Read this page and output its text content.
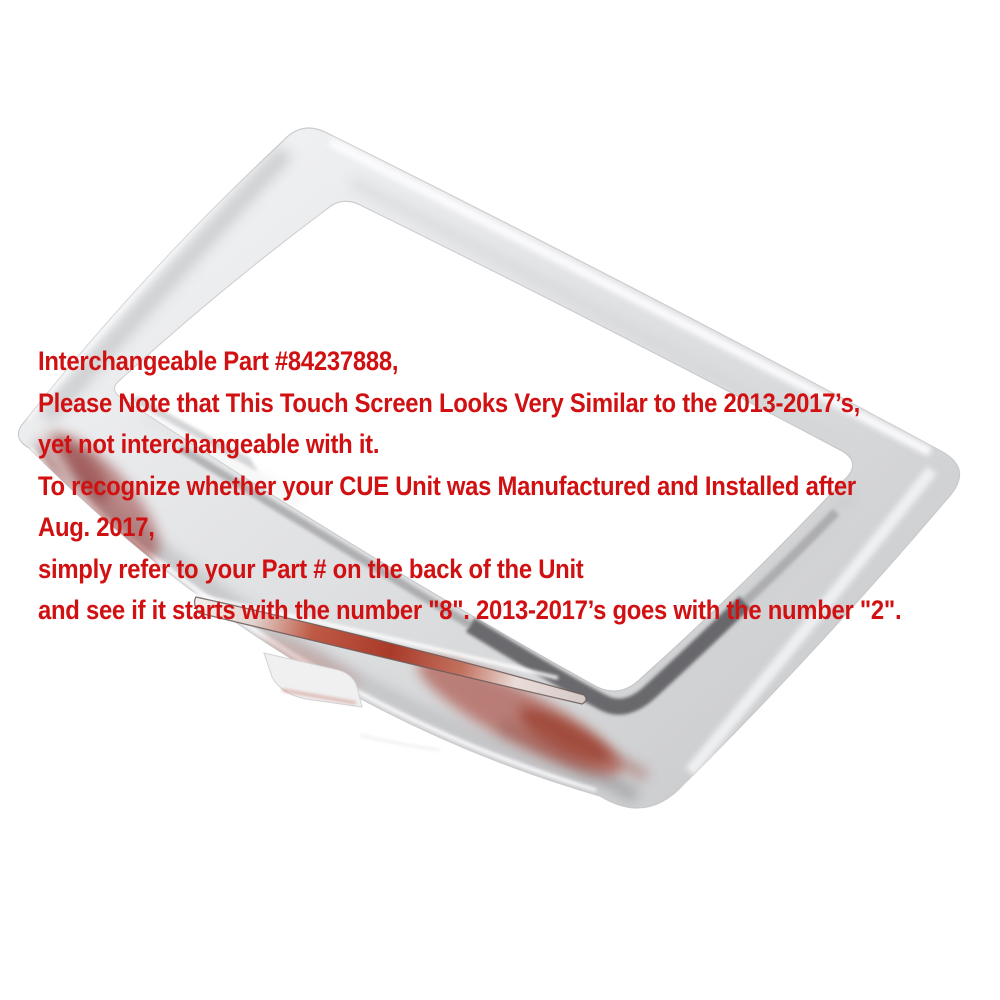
Interchangeable Part #84237888,
Please Note that This Touch Screen Looks Very Similar to the 2013-2017’s,
yet not interchangeable with it.
To recognize whether your CUE Unit was Manufactured and Installed after
Aug. 2017,
simply refer to your Part # on the back of the Unit
and see if it starts with the number "8". 2013-2017’s goes with the number "2".
